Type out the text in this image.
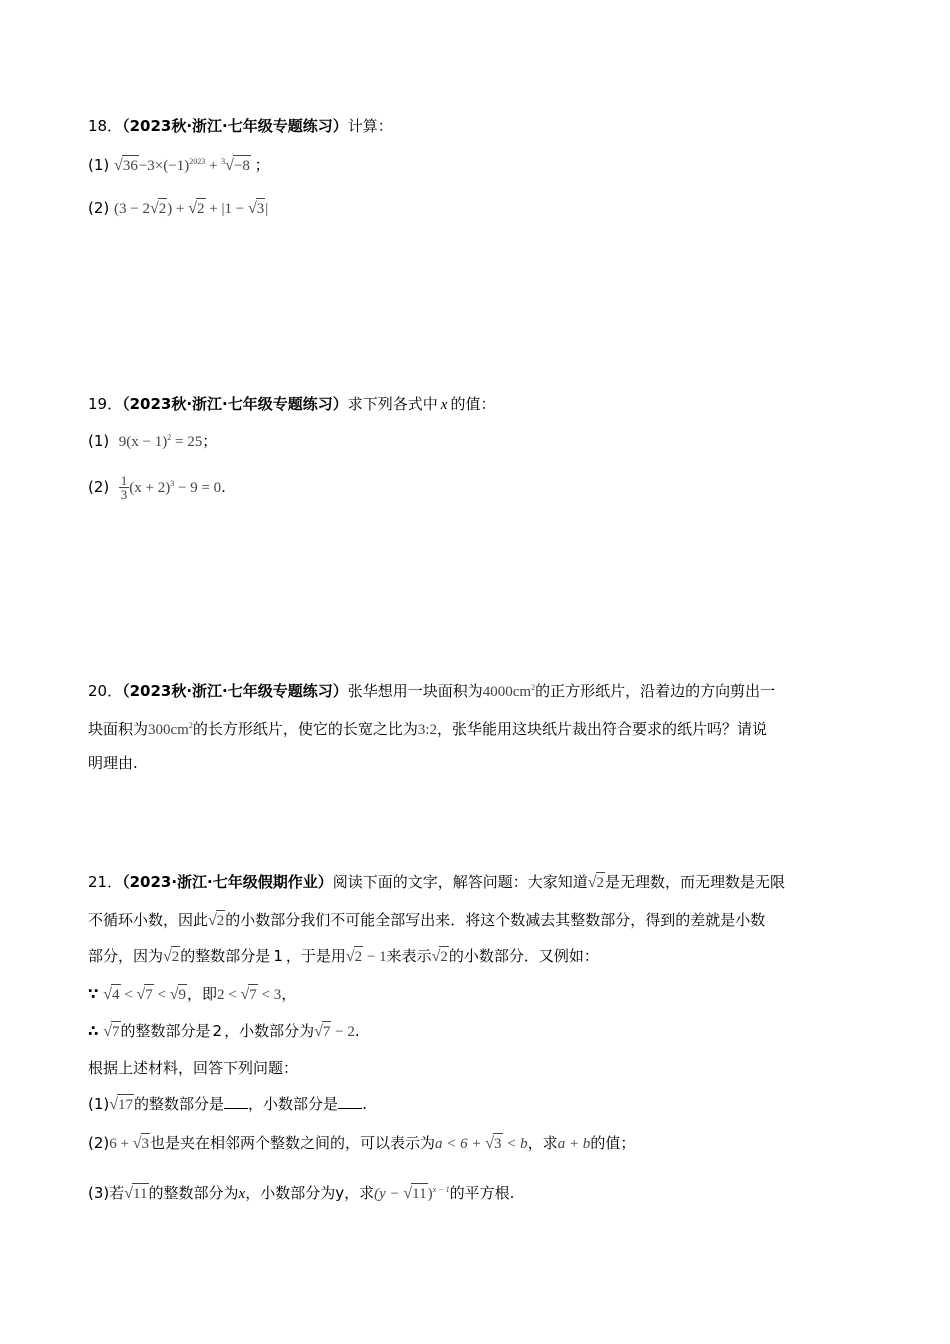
18．（2023秋·浙江·七年级专题练习）计算：
(1) $√36-3\times(-1)^{2023} + ^3√-8$ ；
(2) (3 − 2√2) + √2 + |1 − √3|
19．（2023秋·浙江·七年级专题练习）求下列各式中 x 的值：
(1) $9(x - 1)^2 = 25$；
$(2) \frac{1}{3} (x + 2)^3 - 9 = 0$.
20．（2023秋·浙江·七年级专题练习）张华想用一块面积为$4000cm^2$的正方形纸片，沿着边的方向剪出一
块面积为$300cm^2$的长方形纸片，使它的长宽之比为3:2，张华能用这块纸片裁出符合要求的纸片吗？请说
明理由.
21．（2023·浙江·七年级假期作业）阅读下面的文字，解答问题：大家知道√2是无理数，而无理数是无限
不循环小数，因此√2的小数部分我们不可能全部写出来．将这个数减去其整数部分，得到的差就是小数
部分，因为√2的整数部分是 1 ，于是用√2 − 1来表示√2的小数部分．又例如：
∵ √4 < √7 < √9，即2 < √7 < 3，
∴ √7的整数部分是 2 ，小数部分为√7 − 2.
根据上述材料，回答下列问题：
(1)√17的整数部分是 ，小数部分是 .
(2)6 + √3也是夹在相邻两个整数之间的，可以表示为a < 6 + √3 < b，求a + b的值；
(3)若√11的整数部分为x，小数部分为y，求$(y - √11)^{x - 1}$的平方根.
